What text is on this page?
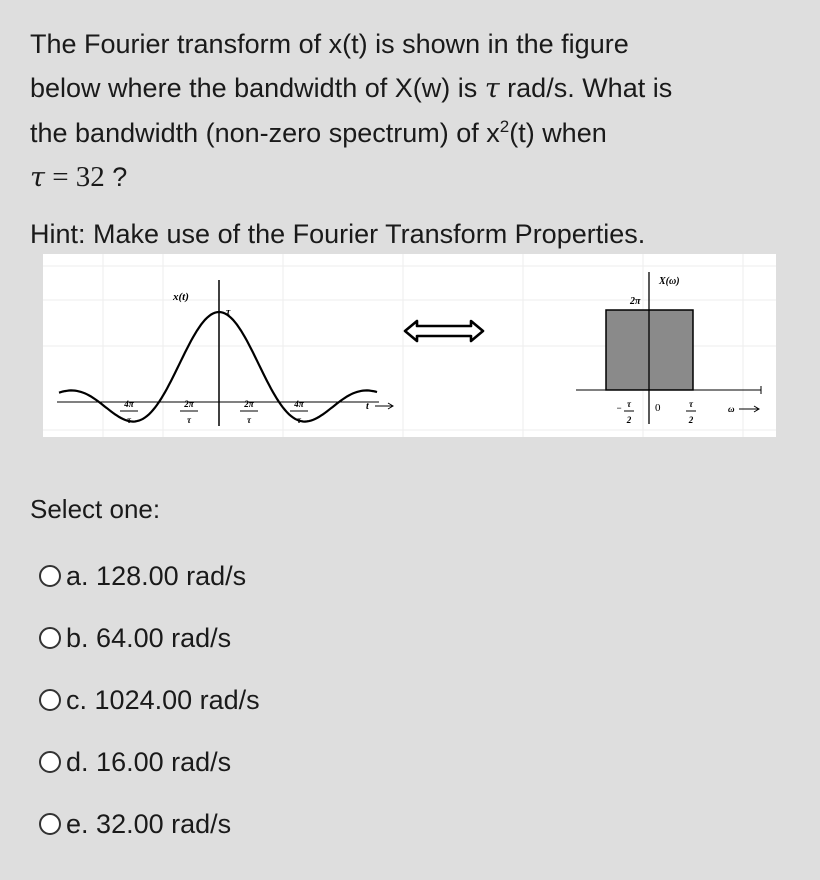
The Fourier transform of x(t) is shown in the figure

below where the bandwidth of X(w) is τ rad/s. What is

the bandwidth (non-zero spectrum) of $x^2(t)$ when

τ = 32 ?

Hint: Make use of the Fourier Transform Properties.
x(t)
τ
t
4π
τ
2π
τ
2π
τ
4π
τ
X(ω)
2π
0	ω
− τ
2
τ
2
Select one:
a.
128.00 rad/s
b.
64.00 rad/s
c.
1024.00 rad/s
d.
16.00 rad/s
e.
32.00 rad/s
